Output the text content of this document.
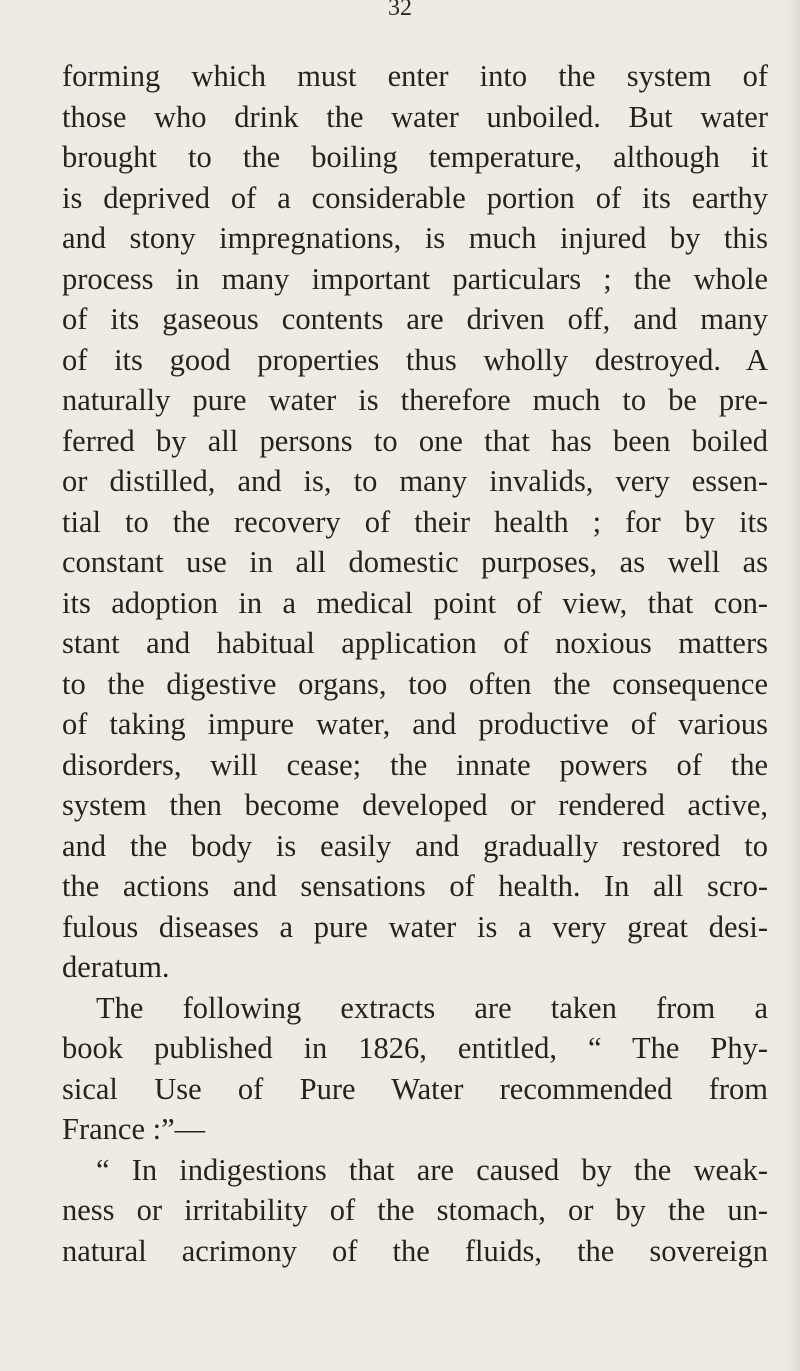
32
forming which must enter into the system of
those who drink the water unboiled. But water
brought to the boiling temperature, although it
is deprived of a considerable portion of its earthy
and stony impregnations, is much injured by this
process in many important particulars ; the whole
of its gaseous contents are driven off, and many
of its good properties thus wholly destroyed. A
naturally pure water is therefore much to be pre-
ferred by all persons to one that has been boiled
or distilled, and is, to many invalids, very essen-
tial to the recovery of their health ; for by its
constant use in all domestic purposes, as well as
its adoption in a medical point of view, that con-
stant and habitual application of noxious matters
to the digestive organs, too often the consequence
of taking impure water, and productive of various
disorders, will cease; the innate powers of the
system then become developed or rendered active,
and the body is easily and gradually restored to
the actions and sensations of health. In all scro-
fulous diseases a pure water is a very great desi-
deratum.
The following extracts are taken from a
book published in 1826, entitled, “ The Phy-
sical Use of Pure Water recommended from
France :”—
“ In indigestions that are caused by the weak-
ness or irritability of the stomach, or by the un-
natural acrimony of the fluids, the sovereign
